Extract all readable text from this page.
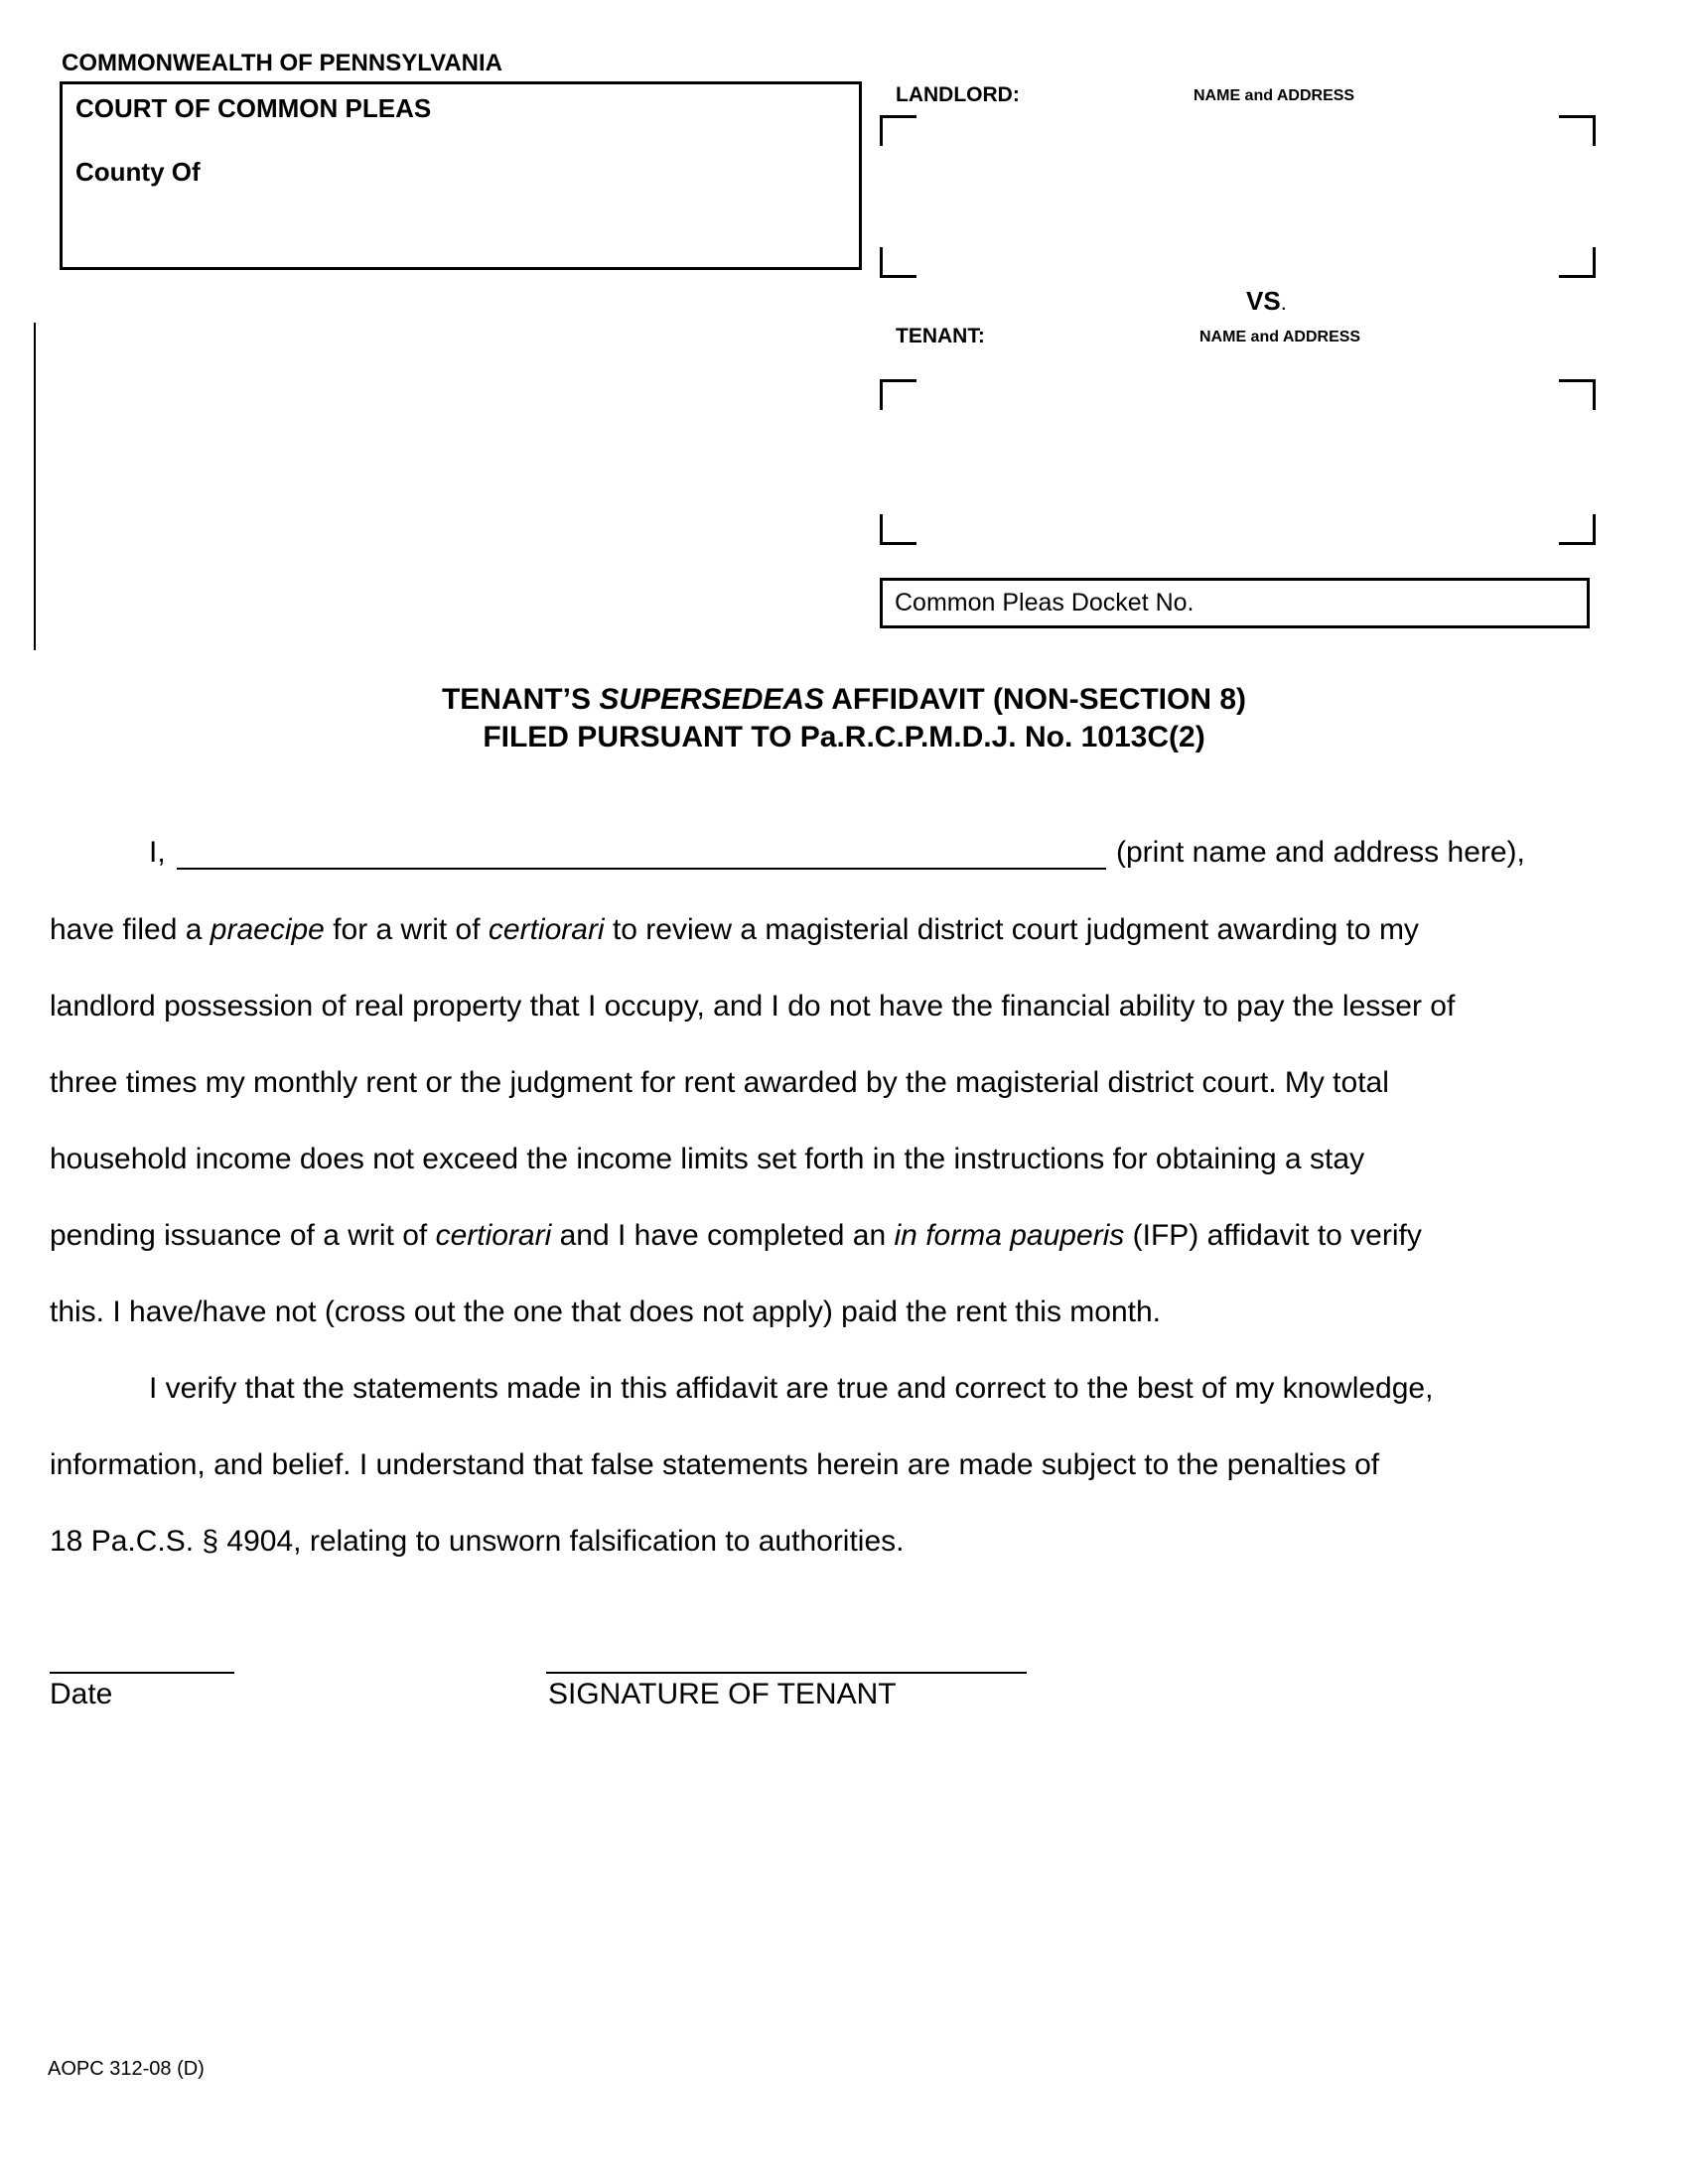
COMMONWEALTH OF PENNSYLVANIA
COURT OF COMMON PLEAS
County Of
LANDLORD:	NAME and ADDRESS
VS.
TENANT:	NAME and ADDRESS
Common Pleas Docket No.
TENANT’S SUPERSEDEAS AFFIDAVIT (NON-SECTION 8)
FILED PURSUANT TO Pa.R.C.P.M.D.J. No. 1013C(2)
I,	(print name and address here),
have filed a praecipe for a writ of certiorari to review a magisterial district court judgment awarding to my
landlord possession of real property that I occupy, and I do not have the financial ability to pay the lesser of
three times my monthly rent or the judgment for rent awarded by the magisterial district court. My total
household income does not exceed the income limits set forth in the instructions for obtaining a stay
pending issuance of a writ of certiorari and I have completed an in forma pauperis (IFP) affidavit to verify
this. I have/have not (cross out the one that does not apply) paid the rent this month.
I verify that the statements made in this affidavit are true and correct to the best of my knowledge,
information, and belief. I understand that false statements herein are made subject to the penalties of
18 Pa.C.S. § 4904, relating to unsworn falsification to authorities.
Date	SIGNATURE OF TENANT
AOPC 312-08 (D)
